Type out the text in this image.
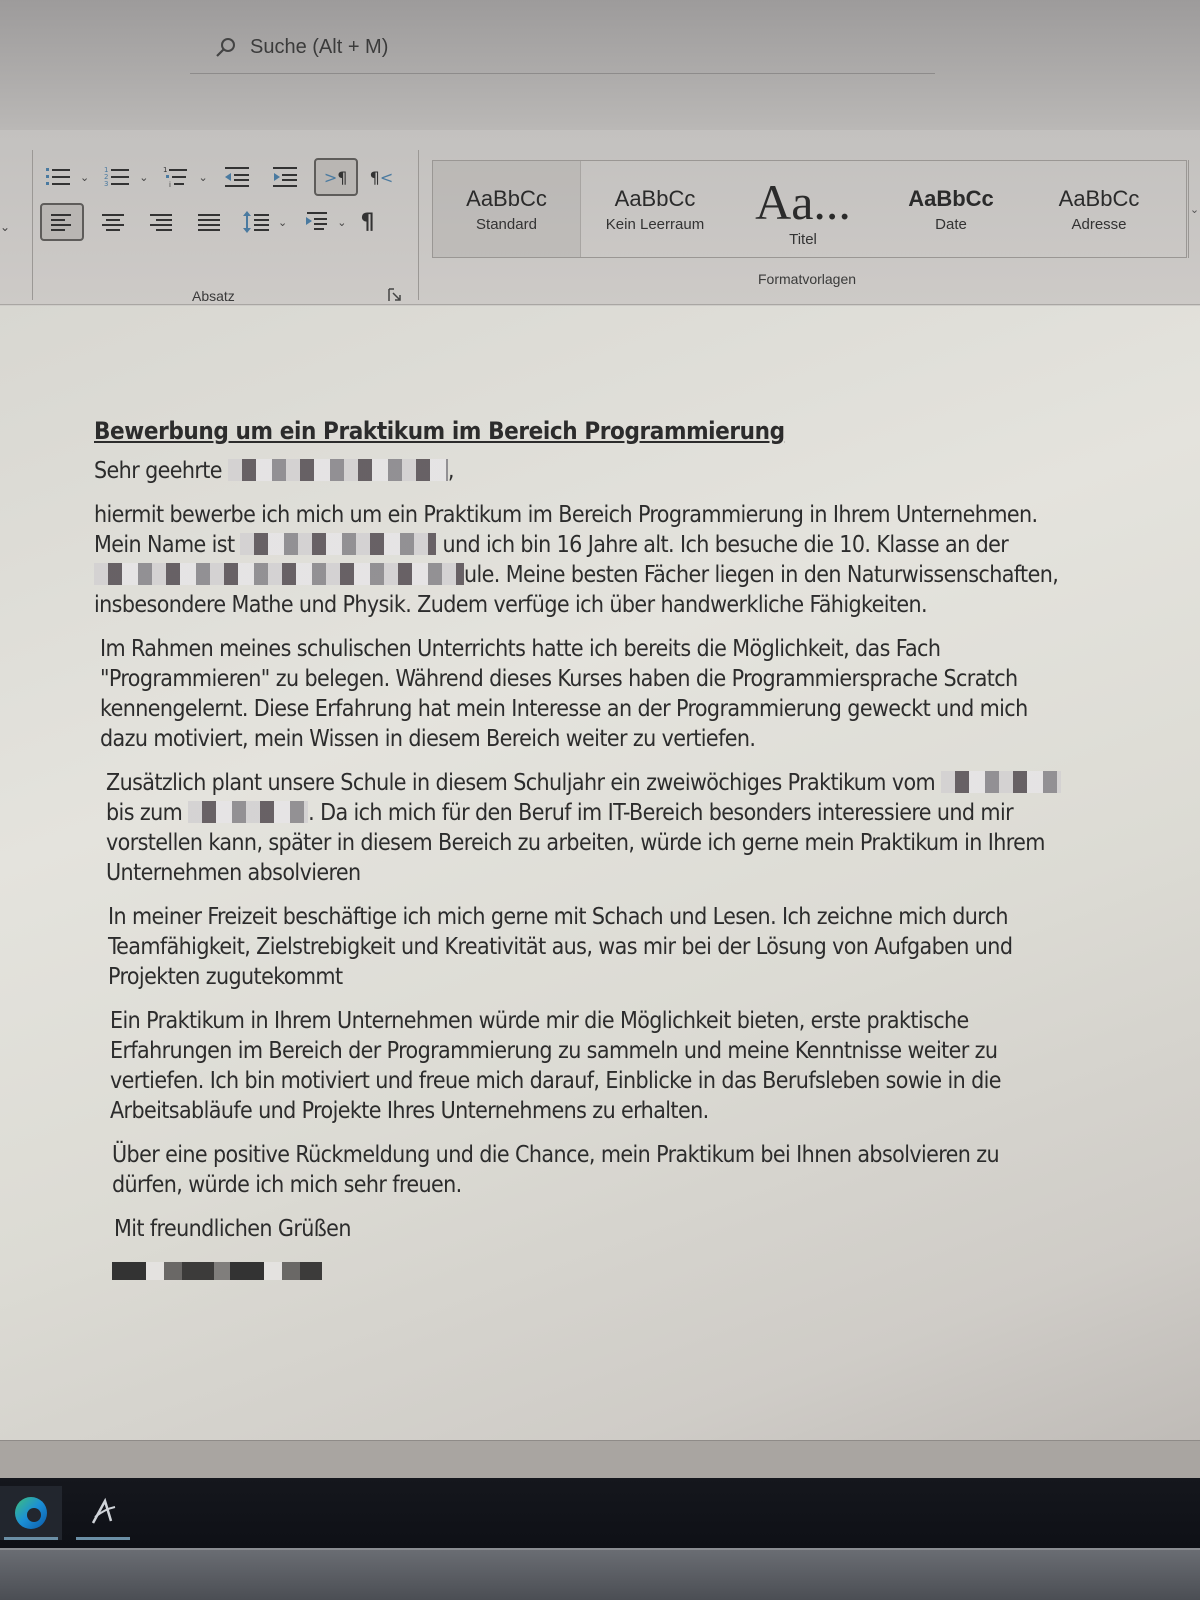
Suche (Alt + M)
⌄
⌄
1
2
3
⌄
1
i
⌄	>¶ ¶<
⌄	⌄ ¶
Absatz
AaBbCc
Standard
AaBbCc
Kein Leerraum Aa...
Titel
AaBbCc
Date
AaBbCc
Adresse
⌄
Formatvorlagen
Bewerbung um ein Praktikum im Bereich Programmierung
Sehr geehrte	,
hiermit bewerbe ich mich um ein Praktikum im Bereich Programmierung in Ihrem Unternehmen. Mein Name ist	und ich bin 16 Jahre alt. Ich besuche die 10. Klasse an der ule. Meine besten Fächer liegen in den Naturwissenschaften, insbesondere Mathe und Physik. Zudem verfüge ich über handwerkliche Fähigkeiten.
Im Rahmen meines schulischen Unterrichts hatte ich bereits die Möglichkeit, das Fach "Programmieren" zu belegen. Während dieses Kurses haben die Programmiersprache Scratch kennengelernt. Diese Erfahrung hat mein Interesse an der Programmierung geweckt und mich dazu motiviert, mein Wissen in diesem Bereich weiter zu vertiefen.
Zusätzlich plant unsere Schule in diesem Schuljahr ein zweiwöchiges Praktikum vom  bis zum	. Da ich mich für den Beruf im IT-Bereich besonders interessiere und mir vorstellen kann, später in diesem Bereich zu arbeiten, würde ich gerne mein Praktikum in Ihrem Unternehmen absolvieren
In meiner Freizeit beschäftige ich mich gerne mit Schach und Lesen. Ich zeichne mich durch Teamfähigkeit, Zielstrebigkeit und Kreativität aus, was mir bei der Lösung von Aufgaben und Projekten zugutekommt
Ein Praktikum in Ihrem Unternehmen würde mir die Möglichkeit bieten, erste praktische Erfahrungen im Bereich der Programmierung zu sammeln und meine Kenntnisse weiter zu vertiefen. Ich bin motiviert und freue mich darauf, Einblicke in das Berufsleben sowie in die Arbeitsabläufe und Projekte Ihres Unternehmens zu erhalten.
Über eine positive Rückmeldung und die Chance, mein Praktikum bei Ihnen absolvieren zu dürfen, würde ich mich sehr freuen.
Mit freundlichen Grüßen
